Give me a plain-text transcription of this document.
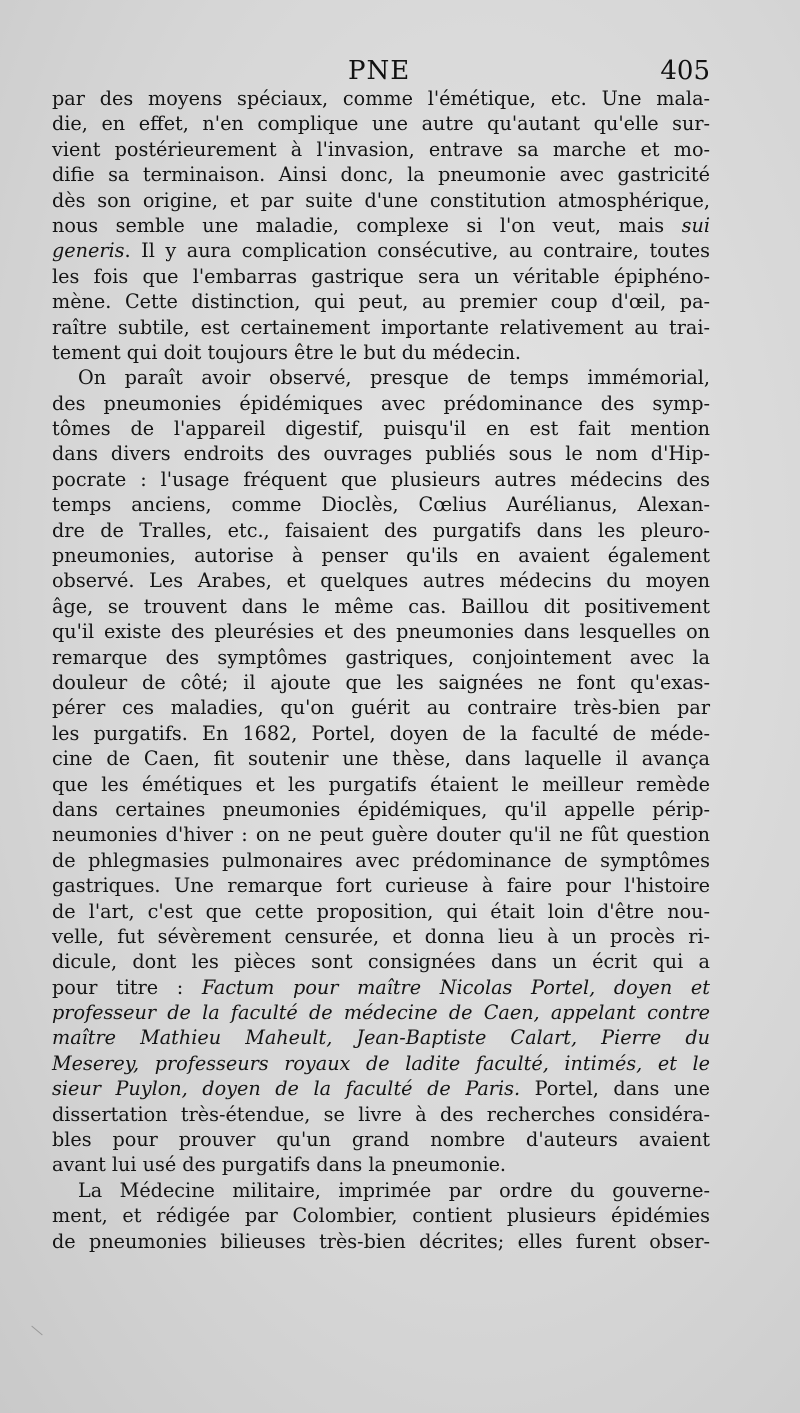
PNE	405
par des moyens spéciaux, comme l'émétique, etc. Une mala-
die, en effet, n'en complique une autre qu'autant qu'elle sur-
vient postérieurement à l'invasion, entrave sa marche et mo-
difie sa terminaison. Ainsi donc, la pneumonie avec gastricité
dès son origine, et par suite d'une constitution atmosphérique,
nous semble une maladie, complexe si l'on veut, mais sui
generis. Il y aura complication consécutive, au contraire, toutes
les fois que l'embarras gastrique sera un véritable épiphéno-
mène. Cette distinction, qui peut, au premier coup d'œil, pa-
raître subtile, est certainement importante relativement au trai-
tement qui doit toujours être le but du médecin.
On paraît avoir observé, presque de temps immémorial,
des pneumonies épidémiques avec prédominance des symp-
tômes de l'appareil digestif, puisqu'il en est fait mention
dans divers endroits des ouvrages publiés sous le nom d'Hip-
pocrate : l'usage fréquent que plusieurs autres médecins des
temps anciens, comme Dioclès, Cœlius Aurélianus, Alexan-
dre de Tralles, etc., faisaient des purgatifs dans les pleuro-
pneumonies, autorise à penser qu'ils en avaient également
observé. Les Arabes, et quelques autres médecins du moyen
âge, se trouvent dans le même cas. Baillou dit positivement
qu'il existe des pleurésies et des pneumonies dans lesquelles on
remarque des symptômes gastriques, conjointement avec la
douleur de côté; il ajoute que les saignées ne font qu'exas-
pérer ces maladies, qu'on guérit au contraire très-bien par
les purgatifs. En 1682, Portel, doyen de la faculté de méde-
cine de Caen, fit soutenir une thèse, dans laquelle il avança
que les émétiques et les purgatifs étaient le meilleur remède
dans certaines pneumonies épidémiques, qu'il appelle périp-
neumonies d'hiver : on ne peut guère douter qu'il ne fût question
de phlegmasies pulmonaires avec prédominance de symptômes
gastriques. Une remarque fort curieuse à faire pour l'histoire
de l'art, c'est que cette proposition, qui était loin d'être nou-
velle, fut sévèrement censurée, et donna lieu à un procès ri-
dicule, dont les pièces sont consignées dans un écrit qui a
pour titre : Factum pour maître Nicolas Portel, doyen et
professeur de la faculté de médecine de Caen, appelant contre
maître Mathieu Maheult, Jean-Baptiste Calart, Pierre du
Meserey, professeurs royaux de ladite faculté, intimés, et le
sieur Puylon, doyen de la faculté de Paris. Portel, dans une
dissertation très-étendue, se livre à des recherches considéra-
bles pour prouver qu'un grand nombre d'auteurs avaient
avant lui usé des purgatifs dans la pneumonie.
La Médecine militaire, imprimée par ordre du gouverne-
ment, et rédigée par Colombier, contient plusieurs épidémies
de pneumonies bilieuses très-bien décrites; elles furent obser-
